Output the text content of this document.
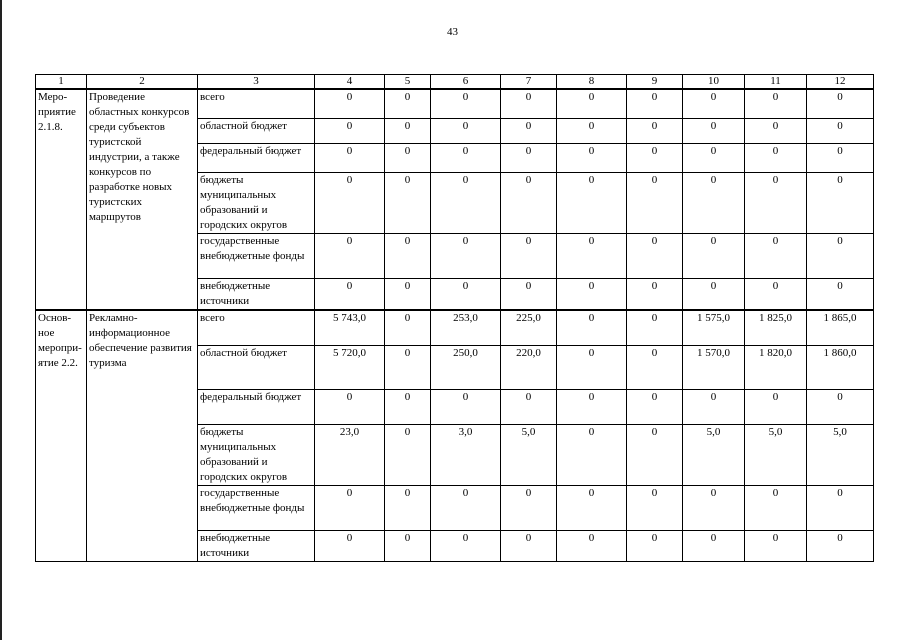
43
1	2	3	4	5	6	7	8	9	10	11	12
Меро-приятие 2.1.8.	Проведение областных конкурсов среди субъектов туристской индустрии, а также конкурсов по разработке новых туристских маршрутов	всего	0	0	0	0	0	0	0	0	0
		областной бюджет	0	0	0	0	0	0	0	0	0
		федеральный бюджет	0	0	0	0	0	0	0	0	0
		бюджеты муниципальных образований и городских округов	0	0	0	0	0	0	0	0	0
		государственные внебюджетные фонды	0	0	0	0	0	0	0	0	0
		внебюджетные источники	0	0	0	0	0	0	0	0	0
Основ-ное меропри-ятие 2.2.	Рекламно-информационное обеспечение развития туризма	всего	5 743,0	0	253,0	225,0	0	0	1 575,0	1 825,0	1 865,0
		областной бюджет	5 720,0	0	250,0	220,0	0	0	1 570,0	1 820,0	1 860,0
		федеральный бюджет	0	0	0	0	0	0	0	0	0
		бюджеты муниципальных образований и городских округов	23,0	0	3,0	5,0	0	0	5,0	5,0	5,0
		государственные внебюджетные фонды	0	0	0	0	0	0	0	0	0
		внебюджетные источники	0	0	0	0	0	0	0	0	0
